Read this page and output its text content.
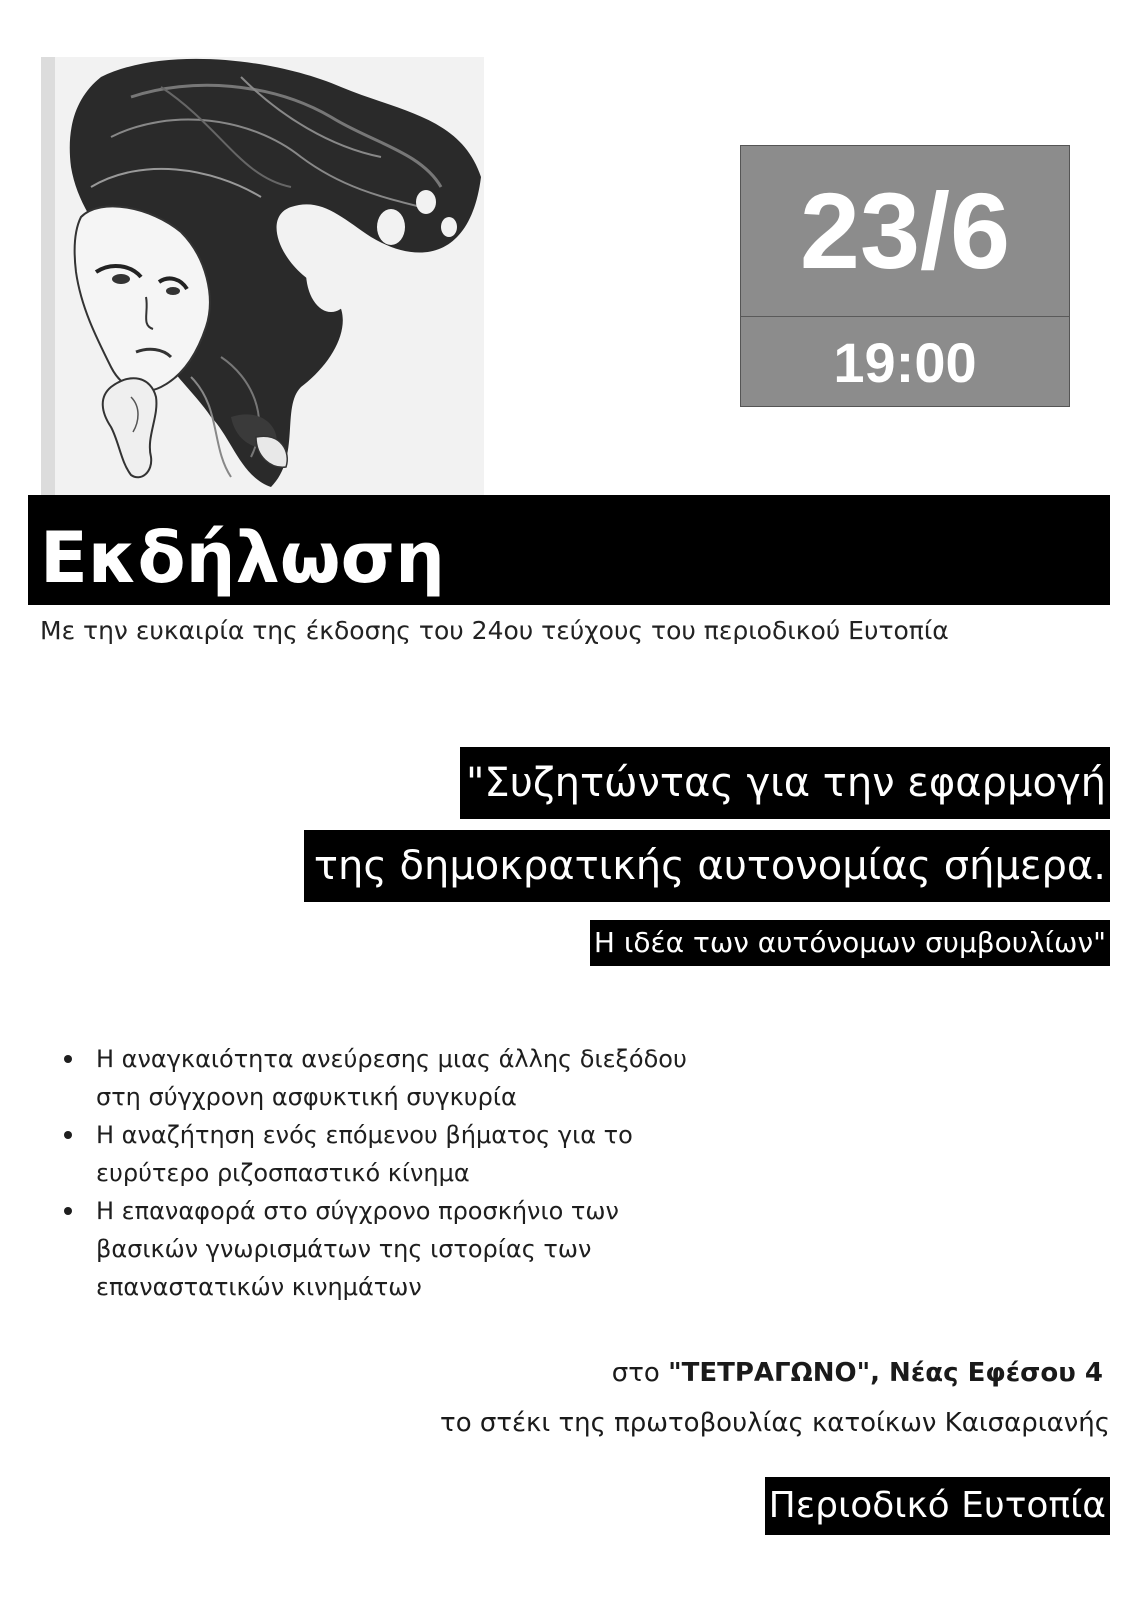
23/6
19:00
Εκδήλωση
Με την ευκαιρία της έκδοσης του 24ου τεύχους του περιοδικού Ευτοπία
"Συζητώντας για την εφαρμογή
της δημοκρατικής αυτονομίας σήμερα.
Η ιδέα των αυτόνομων συμβουλίων"
Η αναγκαιότητα ανεύρεσης μιας άλλης διεξόδου
στη σύγχρονη ασφυκτική συγκυρία
Η αναζήτηση ενός επόμενου βήματος για το
ευρύτερο ριζοσπαστικό κίνημα
Η επαναφορά στο σύγχρονο προσκήνιο των
βασικών γνωρισμάτων της ιστορίας των
επαναστατικών κινημάτων
στο "ΤΕΤΡΑΓΩΝΟ", Νέας Εφέσου 4
το στέκι της πρωτοβουλίας κατοίκων Καισαριανής
Περιοδικό Ευτοπία
